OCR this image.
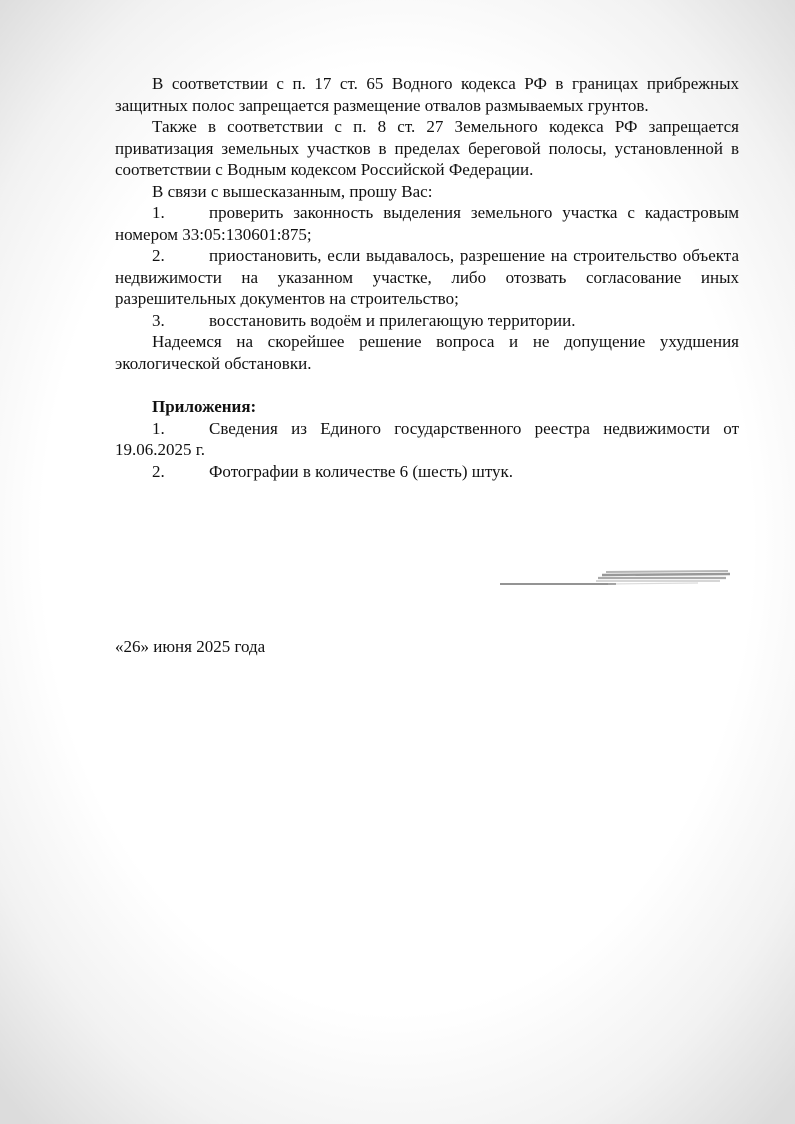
В соответствии с п. 17 ст. 65 Водного кодекса РФ в границах прибрежных защитных полос запрещается размещение отвалов размываемых грунтов.

Также в соответствии с п. 8 ст. 27 Земельного кодекса РФ запрещается приватизация земельных участков в пределах береговой полосы, установленной в соответствии с Водным кодексом Российской Федерации.

В связи с вышесказанным, прошу Вас:

1.	проверить законность выделения земельного участка с кадастровым номером 33:05:130601:875;

2.	приостановить, если выдавалось, разрешение на строительство объекта недвижимости на указанном участке, либо отозвать согласование иных разрешительных документов на строительство;

3.	восстановить водоём и прилегающую территории.

Надеемся на скорейшее решение вопроса и не допущение ухудшения экологической обстановки.

Приложения:

1.	Сведения из Единого государственного реестра недвижимости от 19.06.2025 г.

2.	Фотографии в количестве 6 (шесть) штук.

«26» июня 2025 года
